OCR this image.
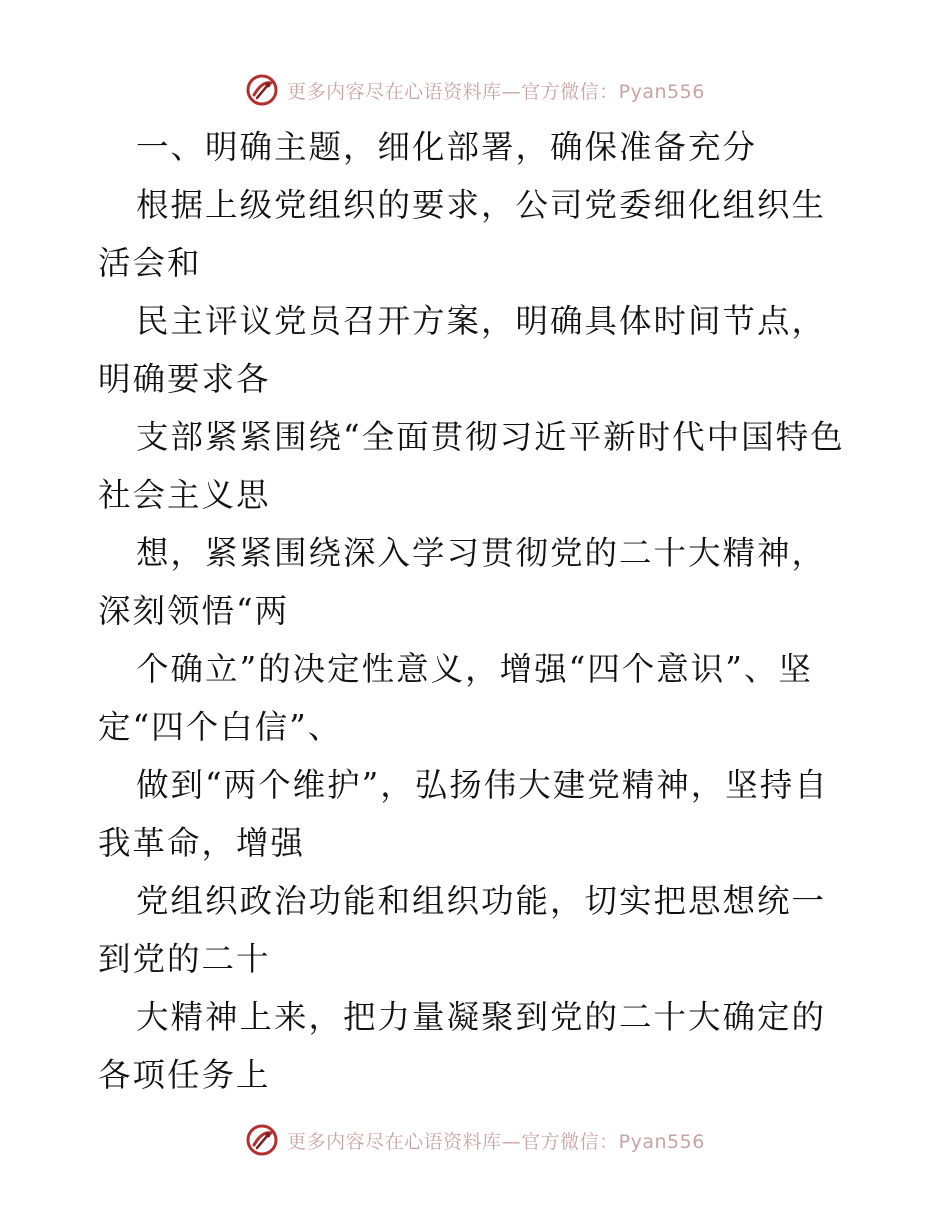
更多内容尽在心语资料库—官方微信：Pyan556

一、明确主题，细化部署，确保准备充分

根据上级党组织的要求，公司党委细化组织生活会和

民主评议党员召开方案，明确具体时间节点，明确要求各

支部紧紧围绕“全面贯彻习近平新时代中国特色社会主义思

想，紧紧围绕深入学习贯彻党的二十大精神，深刻领悟“两

个确立”的决定性意义，增强“四个意识”、坚定“四个白信”、

做到“两个维护”，弘扬伟大建党精神，坚持自我革命，增强

党组织政治功能和组织功能，切实把思想统一到党的二十

大精神上来，把力量凝聚到党的二十大确定的各项任务上

更多内容尽在心语资料库—官方微信：Pyan556
